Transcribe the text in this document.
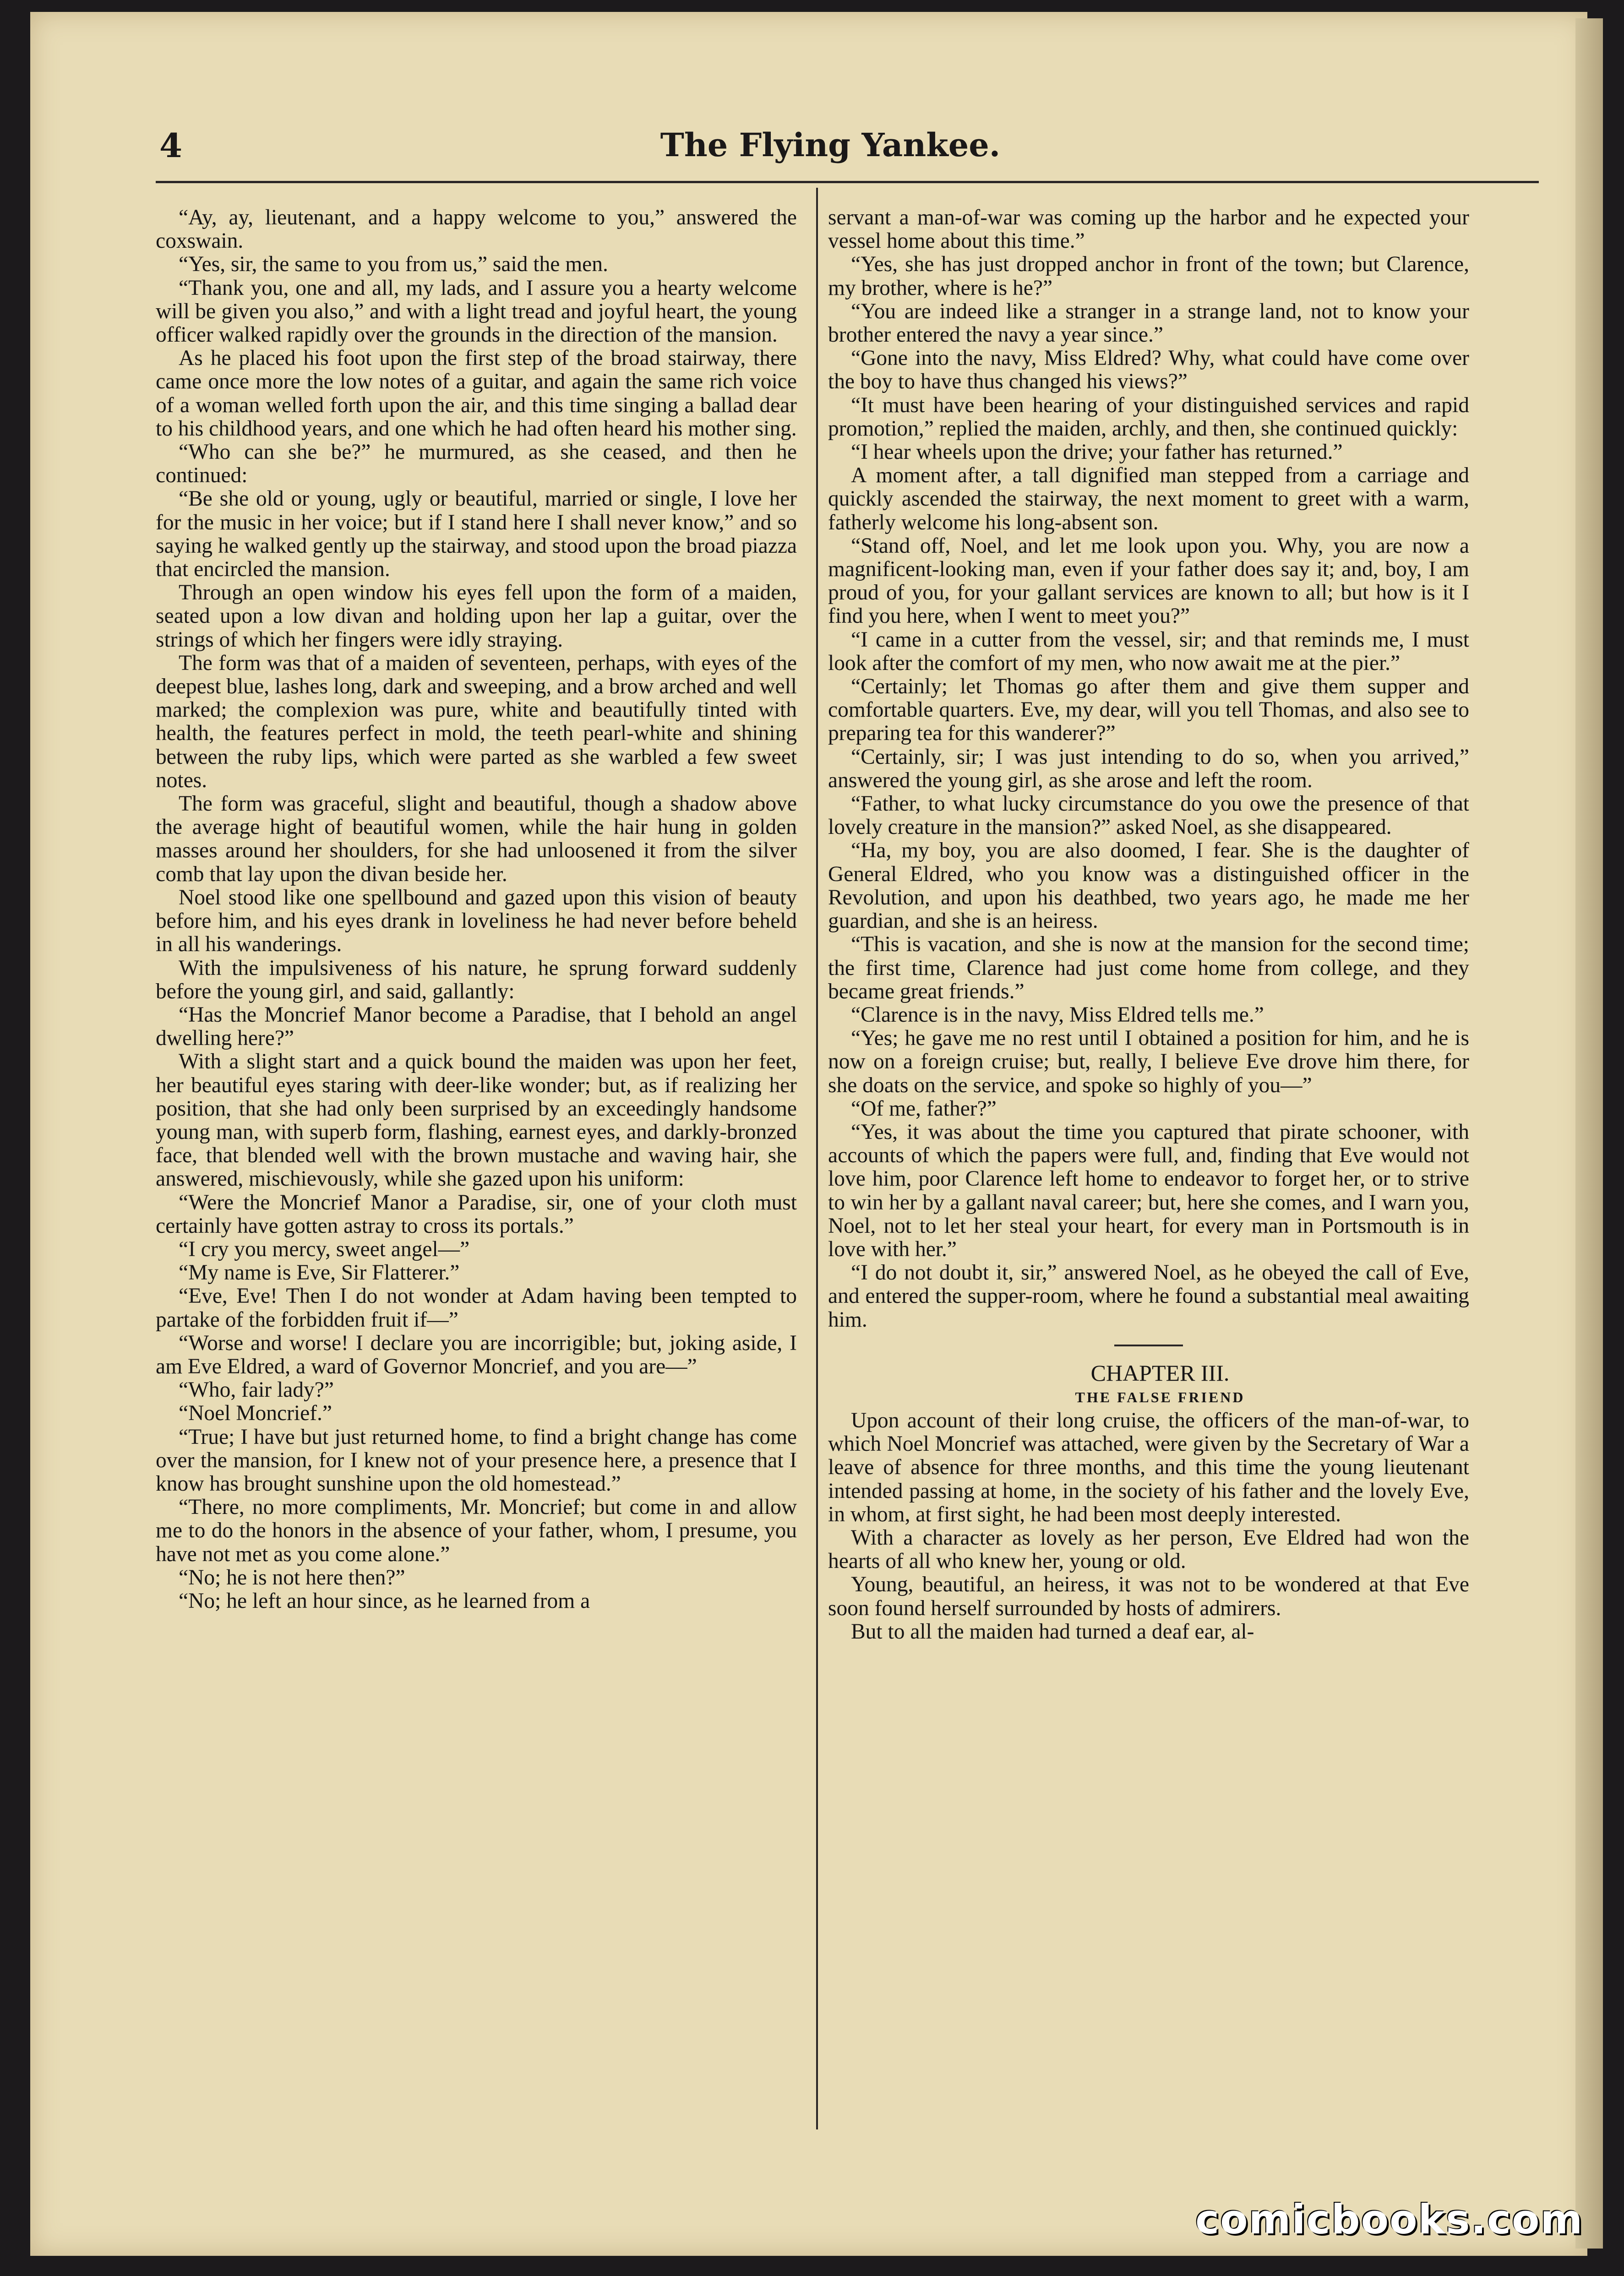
4	The Flying Yankee.

“Ay, ay, lieutenant, and a happy welcome to you,” answered the coxswain.

“Yes, sir, the same to you from us,” said the men.

“Thank you, one and all, my lads, and I assure you a hearty welcome will be given you also,” and with a light tread and joyful heart, the young officer walked rapidly over the grounds in the direction of the mansion.

As he placed his foot upon the first step of the broad stairway, there came once more the low notes of a guitar, and again the same rich voice of a woman welled forth upon the air, and this time singing a ballad dear to his childhood years, and one which he had often heard his mother sing.

“Who can she be?” he murmured, as she ceased, and then he continued:

“Be she old or young, ugly or beautiful, married or single, I love her for the music in her voice; but if I stand here I shall never know,” and so saying he walked gently up the stairway, and stood upon the broad piazza that encircled the mansion.

Through an open window his eyes fell upon the form of a maiden, seated upon a low divan and holding upon her lap a guitar, over the strings of which her fingers were idly straying.

The form was that of a maiden of seventeen, perhaps, with eyes of the deepest blue, lashes long, dark and sweeping, and a brow arched and well marked; the complexion was pure, white and beautifully tinted with health, the features perfect in mold, the teeth pearl-white and shining between the ruby lips, which were parted as she warbled a few sweet notes.

The form was graceful, slight and beautiful, though a shadow above the average hight of beautiful women, while the hair hung in golden masses around her shoulders, for she had unloosened it from the silver comb that lay upon the divan beside her.

Noel stood like one spellbound and gazed upon this vision of beauty before him, and his eyes drank in loveliness he had never before beheld in all his wanderings.

With the impulsiveness of his nature, he sprung forward suddenly before the young girl, and said, gallantly:

“Has the Moncrief Manor become a Paradise, that I behold an angel dwelling here?”

With a slight start and a quick bound the maiden was upon her feet, her beautiful eyes staring with deer-like wonder; but, as if realizing her position, that she had only been surprised by an exceedingly handsome young man, with superb form, flashing, earnest eyes, and darkly-bronzed face, that blended well with the brown mustache and waving hair, she answered, mischievously, while she gazed upon his uniform:

“Were the Moncrief Manor a Paradise, sir, one of your cloth must certainly have gotten astray to cross its portals.”

“I cry you mercy, sweet angel—”

“My name is Eve, Sir Flatterer.”

“Eve, Eve! Then I do not wonder at Adam having been tempted to partake of the forbidden fruit if—”

“Worse and worse! I declare you are incorrigible; but, joking aside, I am Eve Eldred, a ward of Governor Moncrief, and you are—”

“Who, fair lady?”

“Noel Moncrief.”

“True; I have but just returned home, to find a bright change has come over the mansion, for I knew not of your presence here, a presence that I know has brought sunshine upon the old homestead.”

“There, no more compliments, Mr. Moncrief; but come in and allow me to do the honors in the absence of your father, whom, I presume, you have not met as you come alone.”

“No; he is not here then?”

“No; he left an hour since, as he learned from a

servant a man-of-war was coming up the harbor and he expected your vessel home about this time.”

“Yes, she has just dropped anchor in front of the town; but Clarence, my brother, where is he?”

“You are indeed like a stranger in a strange land, not to know your brother entered the navy a year since.”

“Gone into the navy, Miss Eldred? Why, what could have come over the boy to have thus changed his views?”

“It must have been hearing of your distinguished services and rapid promotion,” replied the maiden, archly, and then, she continued quickly:

“I hear wheels upon the drive; your father has returned.”

A moment after, a tall dignified man stepped from a carriage and quickly ascended the stairway, the next moment to greet with a warm, fatherly welcome his long-absent son.

“Stand off, Noel, and let me look upon you. Why, you are now a magnificent-looking man, even if your father does say it; and, boy, I am proud of you, for your gallant services are known to all; but how is it I find you here, when I went to meet you?”

“I came in a cutter from the vessel, sir; and that reminds me, I must look after the comfort of my men, who now await me at the pier.”

“Certainly; let Thomas go after them and give them supper and comfortable quarters. Eve, my dear, will you tell Thomas, and also see to preparing tea for this wanderer?”

“Certainly, sir; I was just intending to do so, when you arrived,” answered the young girl, as she arose and left the room.

“Father, to what lucky circumstance do you owe the presence of that lovely creature in the mansion?” asked Noel, as she disappeared.

“Ha, my boy, you are also doomed, I fear. She is the daughter of General Eldred, who you know was a distinguished officer in the Revolution, and upon his deathbed, two years ago, he made me her guardian, and she is an heiress.

“This is vacation, and she is now at the mansion for the second time; the first time, Clarence had just come home from college, and they became great friends.”

“Clarence is in the navy, Miss Eldred tells me.”

“Yes; he gave me no rest until I obtained a position for him, and he is now on a foreign cruise; but, really, I believe Eve drove him there, for she doats on the service, and spoke so highly of you—”

“Of me, father?”

“Yes, it was about the time you captured that pirate schooner, with accounts of which the papers were full, and, finding that Eve would not love him, poor Clarence left home to endeavor to forget her, or to strive to win her by a gallant naval career; but, here she comes, and I warn you, Noel, not to let her steal your heart, for every man in Portsmouth is in love with her.”

“I do not doubt it, sir,” answered Noel, as he obeyed the call of Eve, and entered the supper-room, where he found a substantial meal awaiting him.

CHAPTER III.

THE FALSE FRIEND

Upon account of their long cruise, the officers of the man-of-war, to which Noel Moncrief was attached, were given by the Secretary of War a leave of absence for three months, and this time the young lieutenant intended passing at home, in the society of his father and the lovely Eve, in whom, at first sight, he had been most deeply interested.

With a character as lovely as her person, Eve Eldred had won the hearts of all who knew her, young or old.

Young, beautiful, an heiress, it was not to be wondered at that Eve soon found herself surrounded by hosts of admirers.

But to all the maiden had turned a deaf ear, al-

comicbooks.com
